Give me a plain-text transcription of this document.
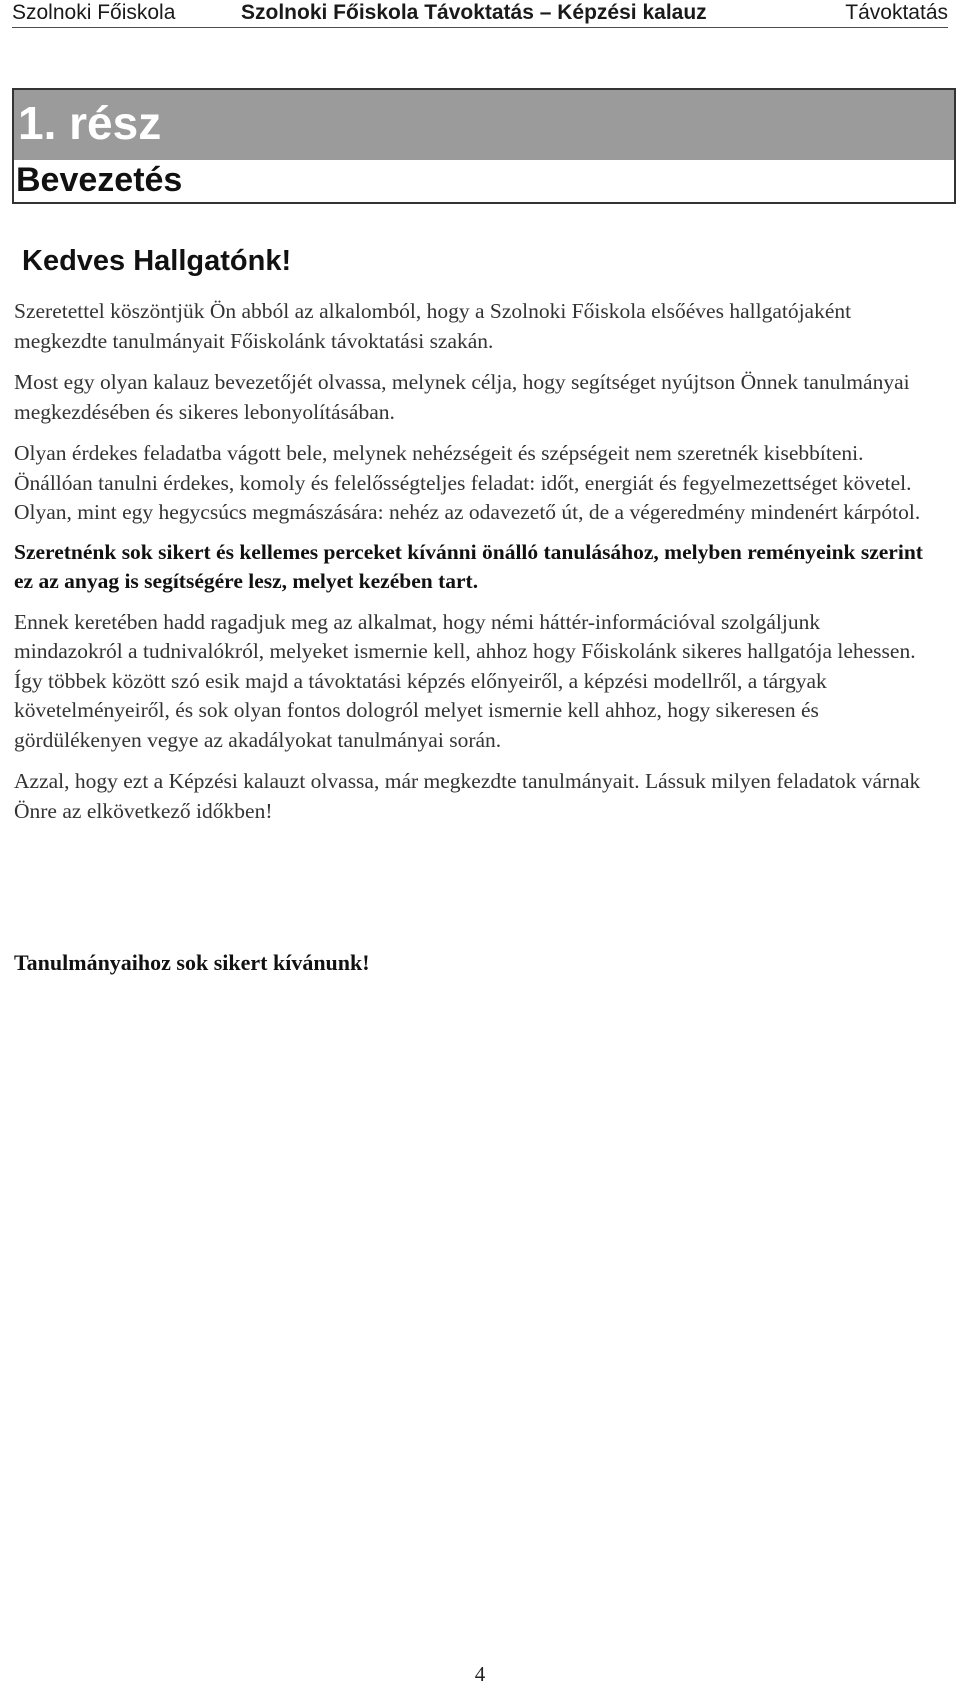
Szolnoki Főiskola	Szolnoki Főiskola Távoktatás – Képzési kalauz	Távoktatás
1. rész
Bevezetés
Kedves Hallgatónk!

Szeretettel köszöntjük Ön abból az alkalomból, hogy a Szolnoki Főiskola elsőéves hallgatójaként megkezdte tanulmányait Főiskolánk távoktatási szakán.

Most egy olyan kalauz bevezetőjét olvassa, melynek célja, hogy segítséget nyújtson Önnek tanulmányai megkezdésében és sikeres lebonyolításában.

Olyan érdekes feladatba vágott bele, melynek nehézségeit és szépségeit nem szeretnék kisebbíteni. Önállóan tanulni érdekes, komoly és felelősségteljes feladat: időt, energiát és fegyelmezettséget követel. Olyan, mint egy hegycsúcs megmászására: nehéz az odavezető út, de a végeredmény mindenért kárpótol.

Szeretnénk sok sikert és kellemes perceket kívánni önálló tanulásához, melyben reményeink szerint ez az anyag is segítségére lesz, melyet kezében tart.

Ennek keretében hadd ragadjuk meg az alkalmat, hogy némi háttér-információval szolgáljunk mindazokról a tudnivalókról, melyeket ismernie kell, ahhoz hogy Főiskolánk sikeres hallgatója lehessen. Így többek között szó esik majd a távoktatási képzés előnyeiről, a képzési modellről, a tárgyak követelményeiről, és sok olyan fontos dologról melyet ismernie kell ahhoz, hogy sikeresen és gördülékenyen vegye az akadályokat tanulmányai során.

Azzal, hogy ezt a Képzési kalauzt olvassa, már megkezdte tanulmányait. Lássuk milyen feladatok várnak Önre az elkövetkező időkben!

Tanulmányaihoz sok sikert kívánunk!
4
